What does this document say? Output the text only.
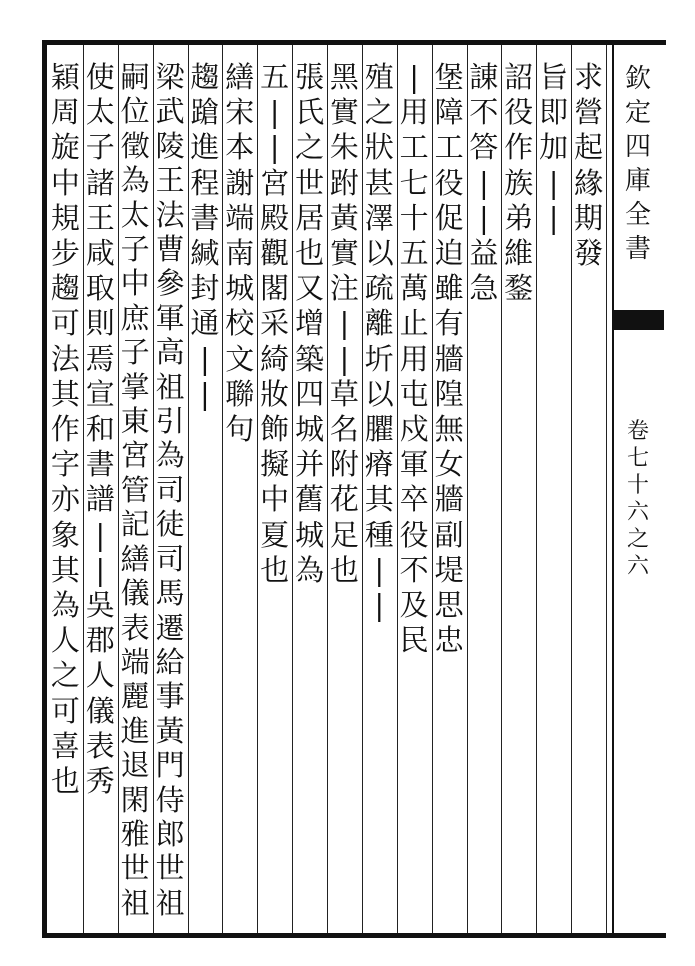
欽
定
四
庫
全
書
卷
七
十
六
之
六
求
營
起
緣
期
發
旨
即
加
|
|
詔
役
作
族
弟
維
鍪
諌
不
答
|
|
益
急
堡
障
工
役
促
迫
雖
有
牆
隍
無
女
牆
副
堤
思
忠
|
用
工
七
十
五
萬
止
用
屯
戍
軍
卒
役
不
及
民
殖
之
狀
甚
澤
以
疏
離
圻
以
臞
瘠
其
種
|
|
黑
實
朱
跗
黃
實
注
|
|
草
名
附
花
足
也
張
氏
之
世
居
也
又
增
築
四
城
并
舊
城
為
五
|
|
宮
殿
觀
閣
采
綺
妝
飾
擬
中
夏
也
繕
宋
本
謝
端
南
城
校
文
聯
句
趨
蹌
進
程
書
緘
封
通
|
|
梁
武
陵
王
法
曹
參
軍
高
祖
引
為
司
徒
司
馬
遷
給
事
黃
門
侍
郎
世
祖
嗣
位
徵
為
太
子
中
庶
子
掌
東
宮
管
記
繕
儀
表
端
麗
進
退
閑
雅
世
祖
使
太
子
諸
王
咸
取
則
焉
宣
和
書
譜
|
|
吳
郡
人
儀
表
秀
穎
周
旋
中
規
步
趨
可
法
其
作
字
亦
象
其
為
人
之
可
喜
也
